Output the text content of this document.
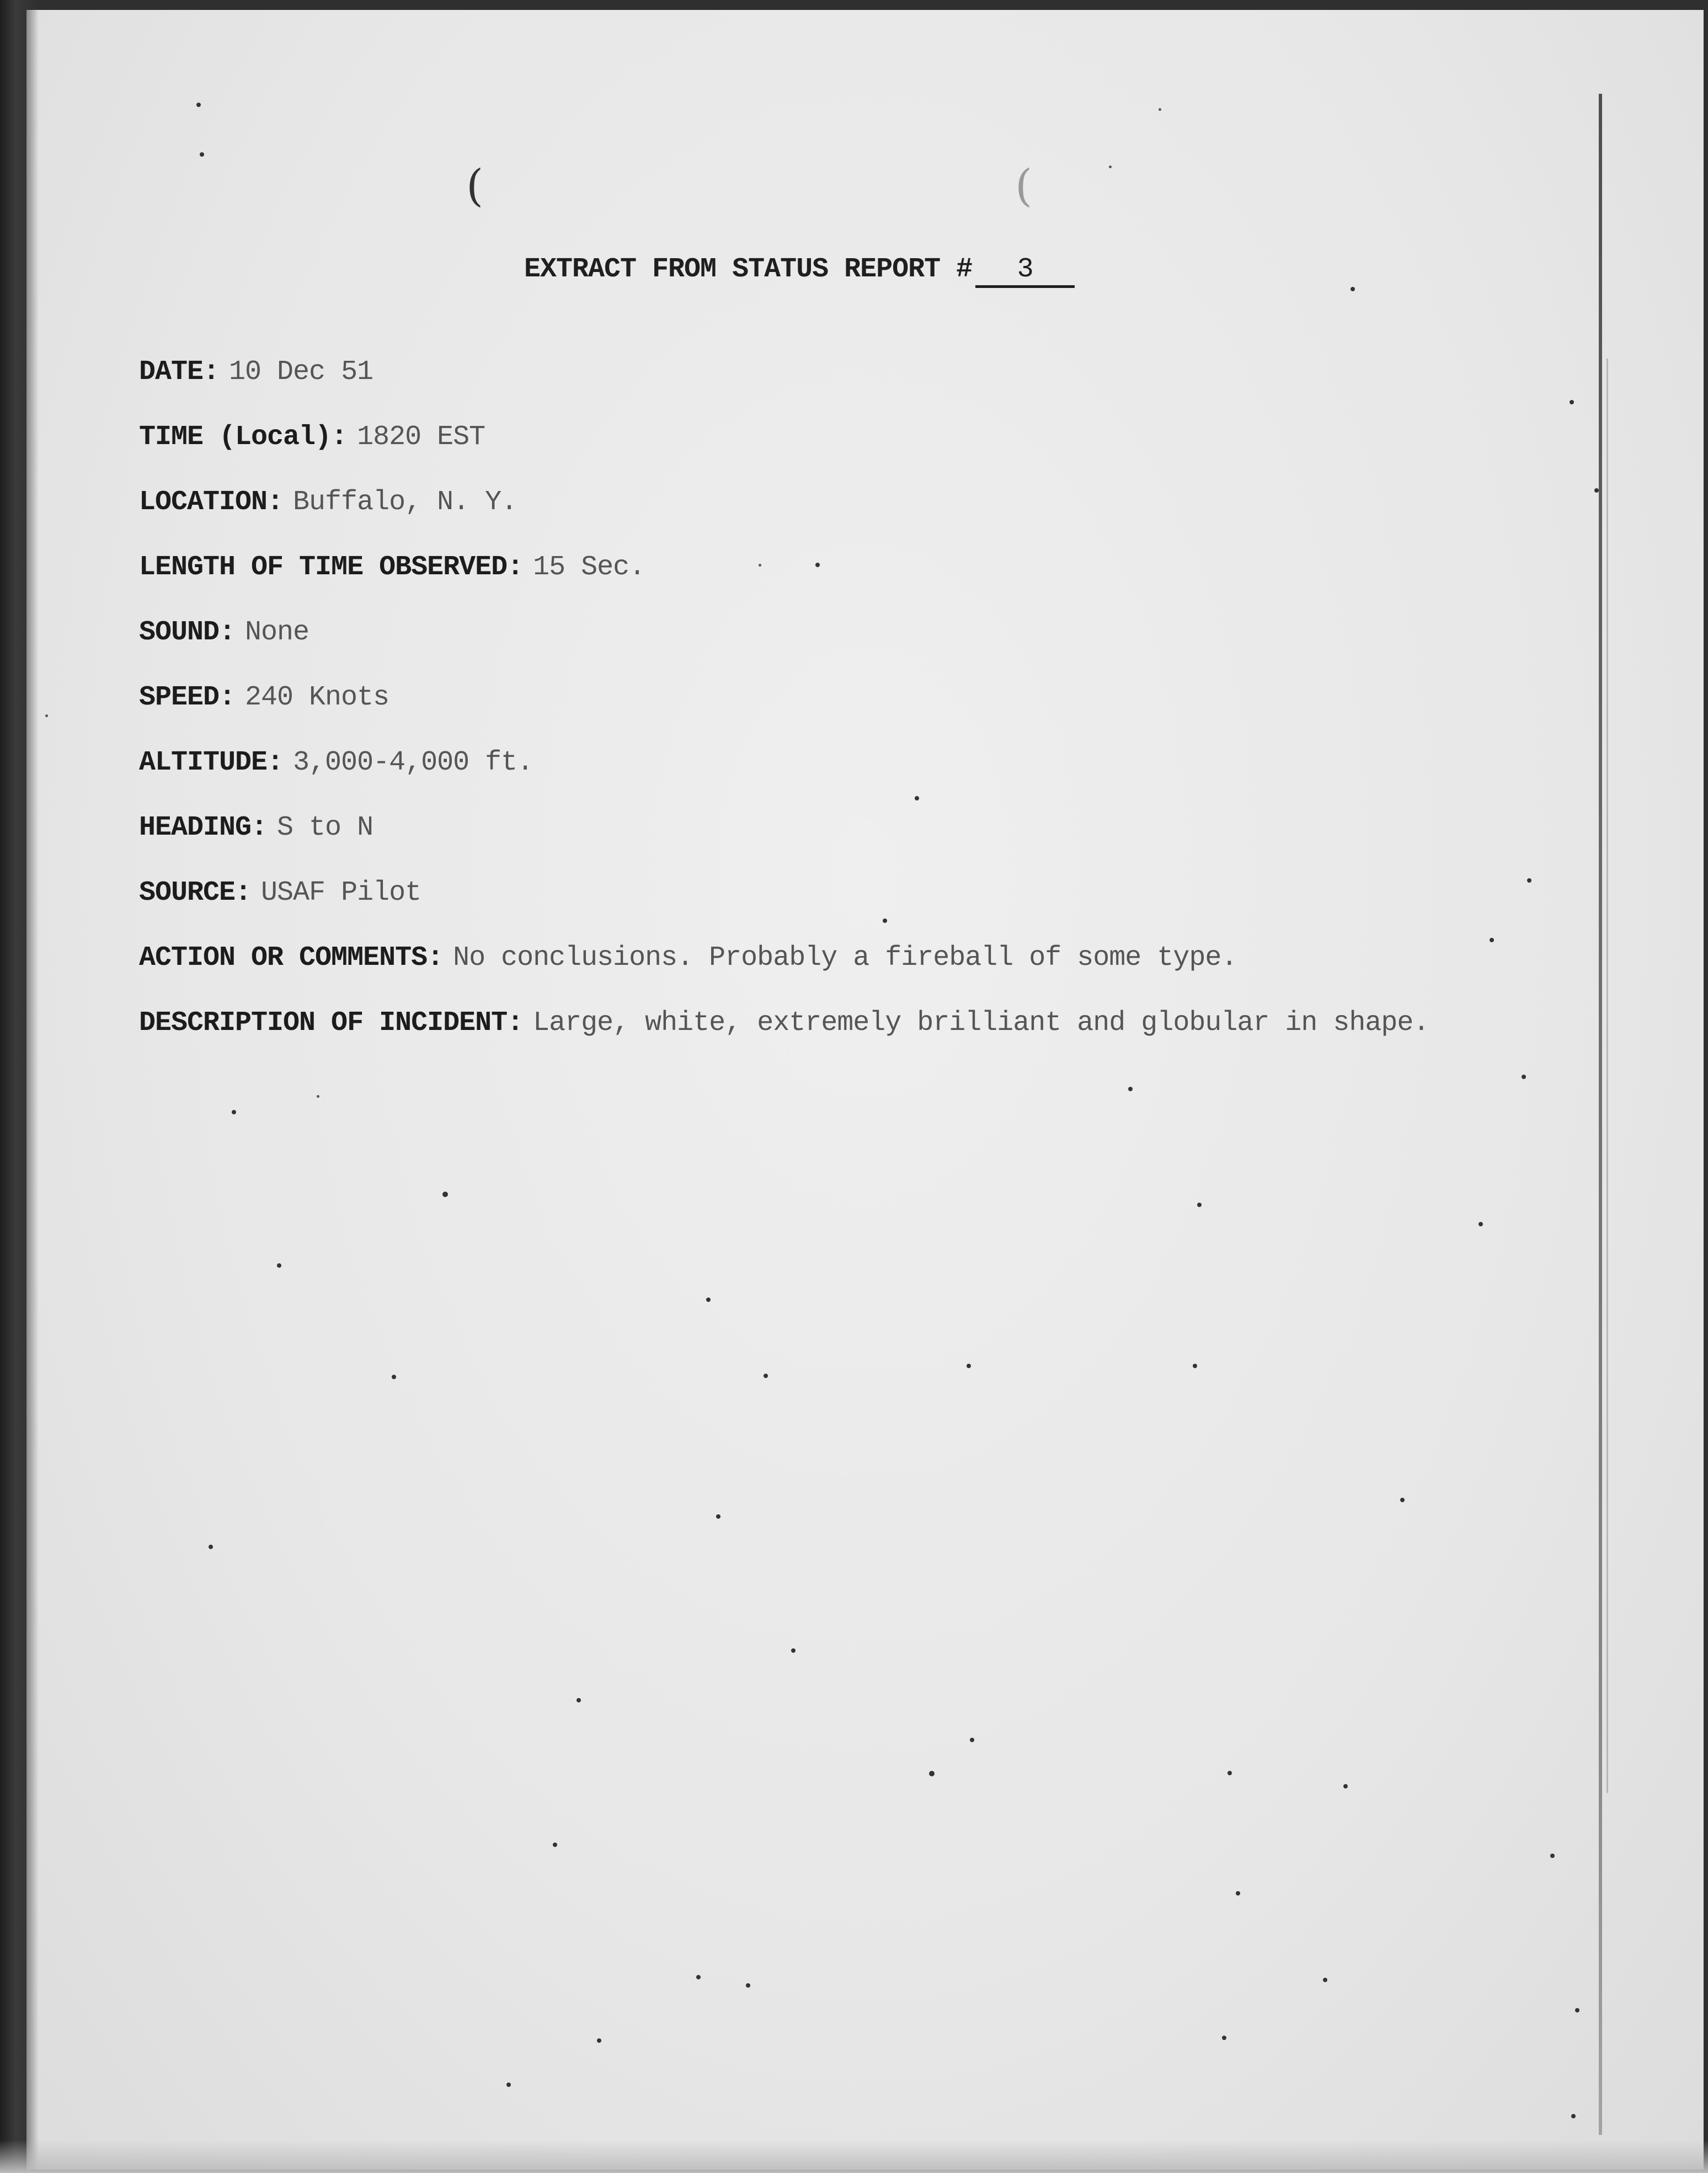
(	(
EXTRACT FROM STATUS REPORT # 3
DATE: 10 Dec 51
TIME (Local): 1820 EST
LOCATION: Buffalo, N. Y.
LENGTH OF TIME OBSERVED: 15 Sec.
SOUND: None
SPEED: 240 Knots
ALTITUDE: 3,000-4,000 ft.
HEADING: S to N
SOURCE: USAF Pilot
ACTION OR COMMENTS: No conclusions. Probably a fireball of some type.
DESCRIPTION OF INCIDENT: Large, white, extremely brilliant and globular in shape.
